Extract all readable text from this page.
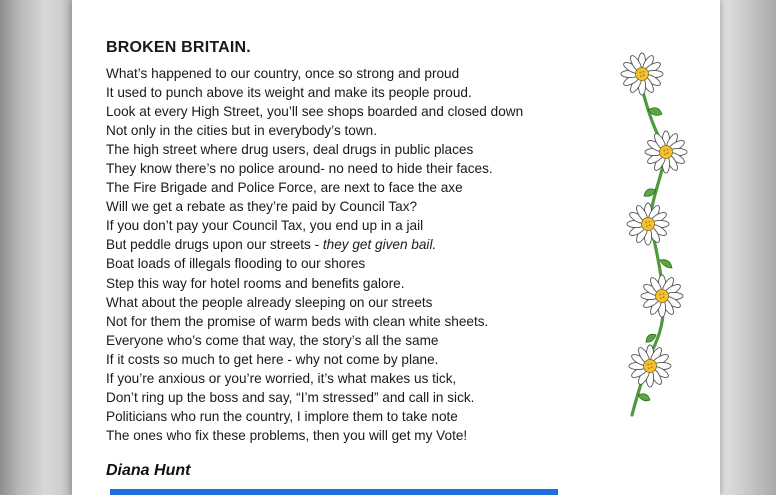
BROKEN BRITAIN.
What’s happened to our country, once so strong and proud
It used to punch above its weight and make its people proud.
Look at every High Street, you’ll see shops boarded and closed down
Not only in the cities but in everybody’s town.
The high street where drug users, deal drugs in public places
They know there’s no police around- no need to hide their faces.
The Fire Brigade and Police Force, are next to face the axe
Will we get a rebate as they’re paid by Council Tax?
If you don’t pay your Council Tax, you end up in a jail
But peddle drugs upon our streets - they get given bail.
Boat loads of illegals flooding to our shores
Step this way for hotel rooms and benefits galore.
What about the people already sleeping on our streets
Not for them the promise of warm beds with clean white sheets.
Everyone who’s come that way, the story’s all the same
If it costs so much to get here - why not come by plane.
If you’re anxious or you’re worried, it’s what makes us tick,
Don’t ring up the boss and say, “I’m stressed” and call in sick.
Politicians who run the country, I implore them to take note
The ones who fix these problems, then you will get my Vote!
Diana Hunt
